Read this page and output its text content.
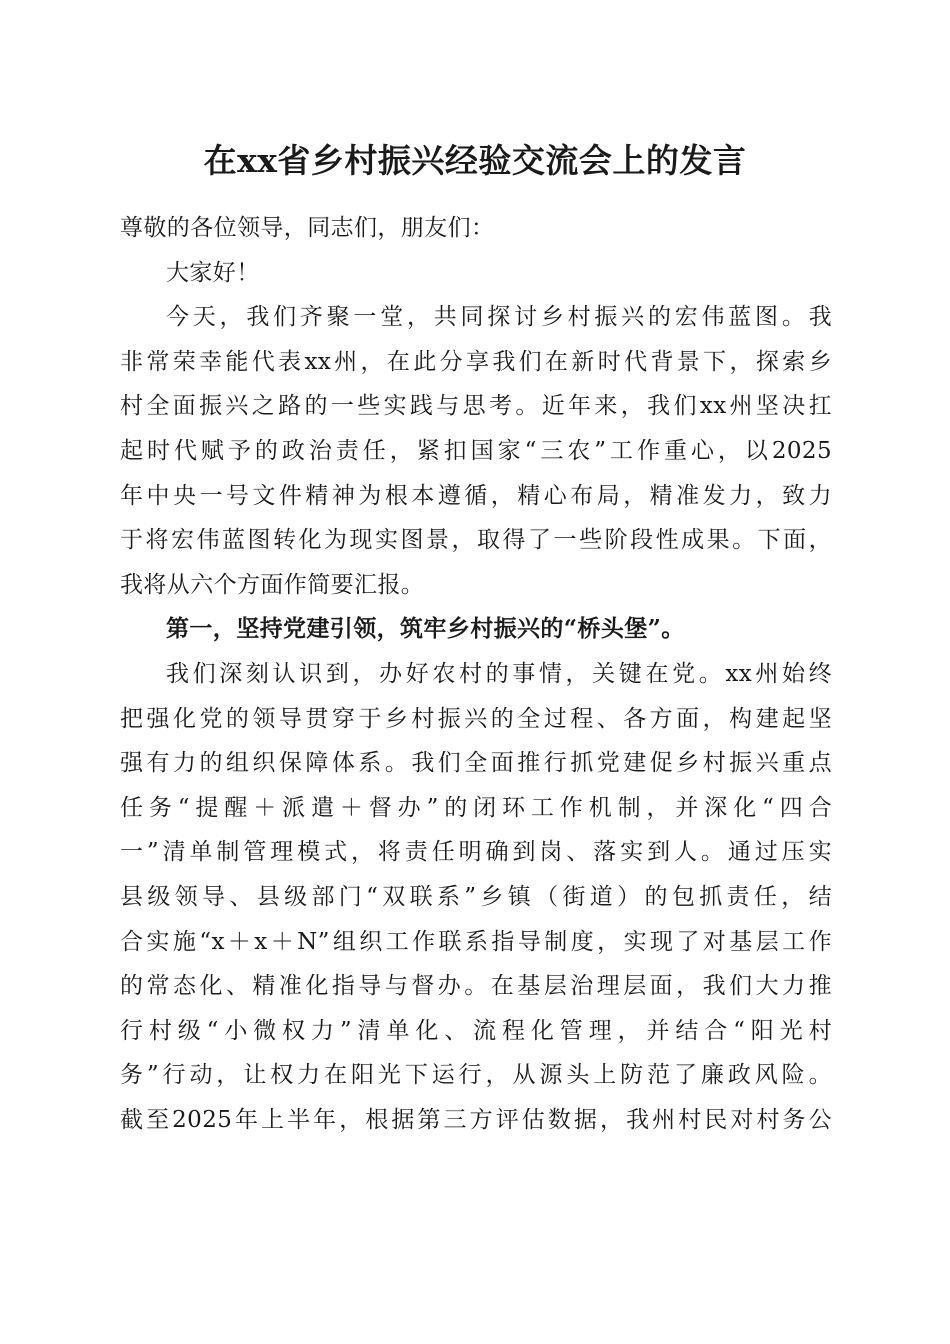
在xx省乡村振兴经验交流会上的发言
尊敬的各位领导，同志们，朋友们：
大家好！
今天，我们齐聚一堂，共同探讨乡村振兴的宏伟蓝图。我
非常荣幸能代表xx州，在此分享我们在新时代背景下，探索乡
村全面振兴之路的一些实践与思考。近年来，我们xx州坚决扛
起时代赋予的政治责任，紧扣国家“三农”工作重心，以2025
年中央一号文件精神为根本遵循，精心布局，精准发力，致力
于将宏伟蓝图转化为现实图景，取得了一些阶段性成果。下面，
我将从六个方面作简要汇报。
第一，坚持党建引领，筑牢乡村振兴的“桥头堡”。
我们深刻认识到，办好农村的事情，关键在党。xx州始终
把强化党的领导贯穿于乡村振兴的全过程、各方面，构建起坚
强有力的组织保障体系。我们全面推行抓党建促乡村振兴重点
任务“提醒＋派遣＋督办”的闭环工作机制，并深化“四合
一”清单制管理模式，将责任明确到岗、落实到人。通过压实
县级领导、县级部门“双联系”乡镇（街道）的包抓责任，结
合实施“x＋x＋N”组织工作联系指导制度，实现了对基层工作
的常态化、精准化指导与督办。在基层治理层面，我们大力推
行村级“小微权力”清单化、流程化管理，并结合“阳光村
务”行动，让权力在阳光下运行，从源头上防范了廉政风险。
截至2025年上半年，根据第三方评估数据，我州村民对村务公
